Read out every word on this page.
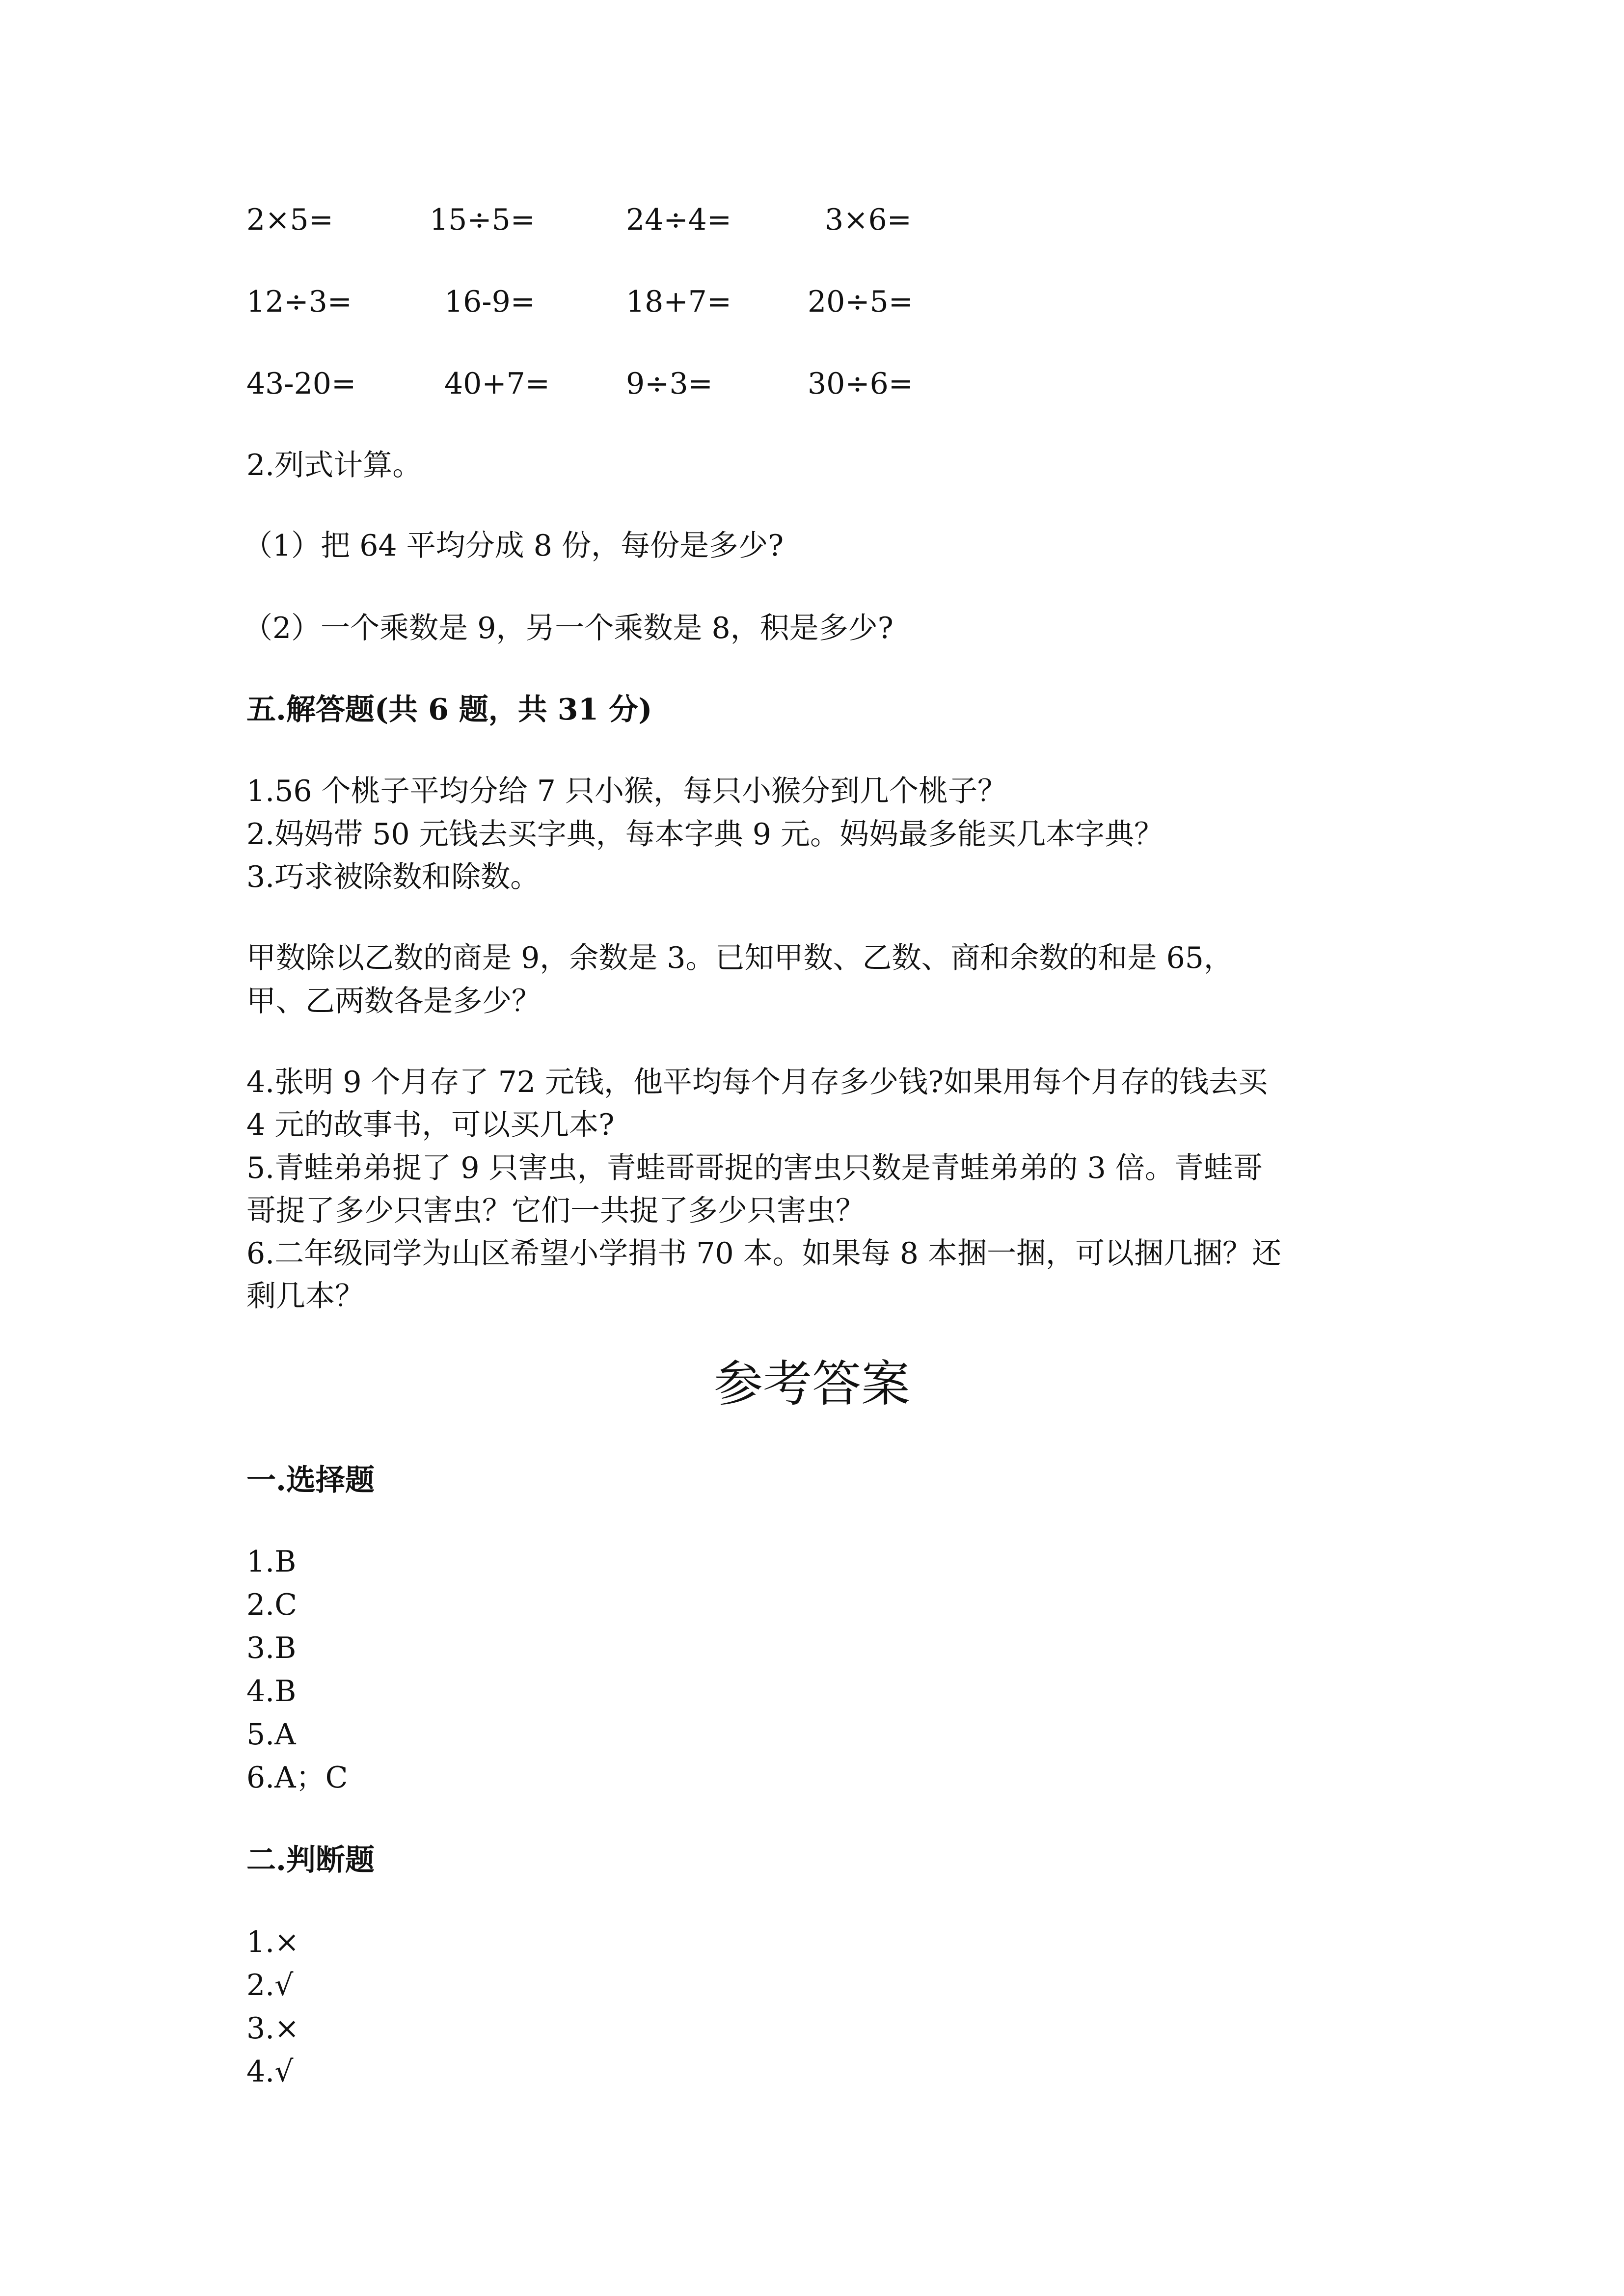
2×5=	15÷5=	24÷4=	3×6=
12÷3=	16-9=	18+7=	20÷5=
43-20=	40+7=	9÷3=	30÷6=
2.列式计算。
（1）把 64 平均分成 8 份，每份是多少?
（2）一个乘数是 9，另一个乘数是 8，积是多少?
五.解答题(共 6 题，共 31 分)
1.56 个桃子平均分给 7 只小猴，每只小猴分到几个桃子？
2.妈妈带 50 元钱去买字典，每本字典 9 元。妈妈最多能买几本字典？
3.巧求被除数和除数。
甲数除以乙数的商是 9，余数是 3。已知甲数、乙数、商和余数的和是 65，
甲、乙两数各是多少？
4.张明 9 个月存了 72 元钱，他平均每个月存多少钱?如果用每个月存的钱去买
4 元的故事书，可以买几本?
5.青蛙弟弟捉了 9 只害虫，青蛙哥哥捉的害虫只数是青蛙弟弟的 3 倍。青蛙哥
哥捉了多少只害虫？它们一共捉了多少只害虫？
6.二年级同学为山区希望小学捐书 70 本。如果每 8 本捆一捆，可以捆几捆？还
剩几本？
参考答案
一.选择题
1.B
2.C
3.B
4.B
5.A
6.A；C
二.判断题
1.×
2.√
3.×
4.√
